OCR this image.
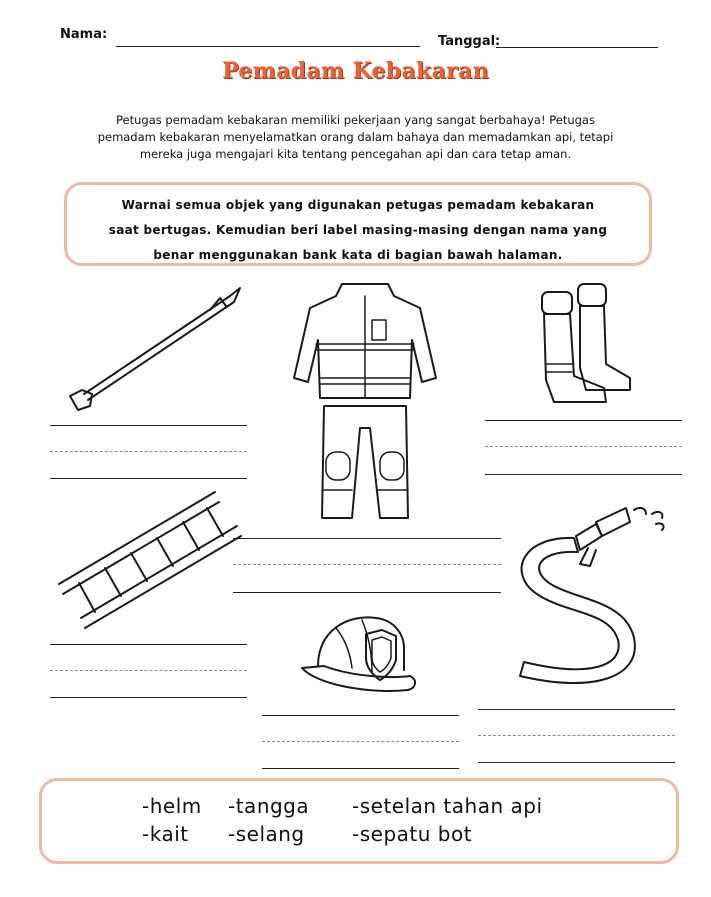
Nama:	Tanggal:
Pemadam Kebakaran
Petugas pemadam kebakaran memiliki pekerjaan yang sangat berbahaya! Petugas pemadam kebakaran menyelamatkan orang dalam bahaya dan memadamkan api, tetapi mereka juga mengajari kita tentang pencegahan api dan cara tetap aman.
Warnai semua objek yang digunakan petugas pemadam kebakaran saat bertugas. Kemudian beri label masing-masing dengan nama yang benar menggunakan bank kata di bagian bawah halaman.
-helm -tangga -setelan tahan api
-kait -selang -sepatu bot
